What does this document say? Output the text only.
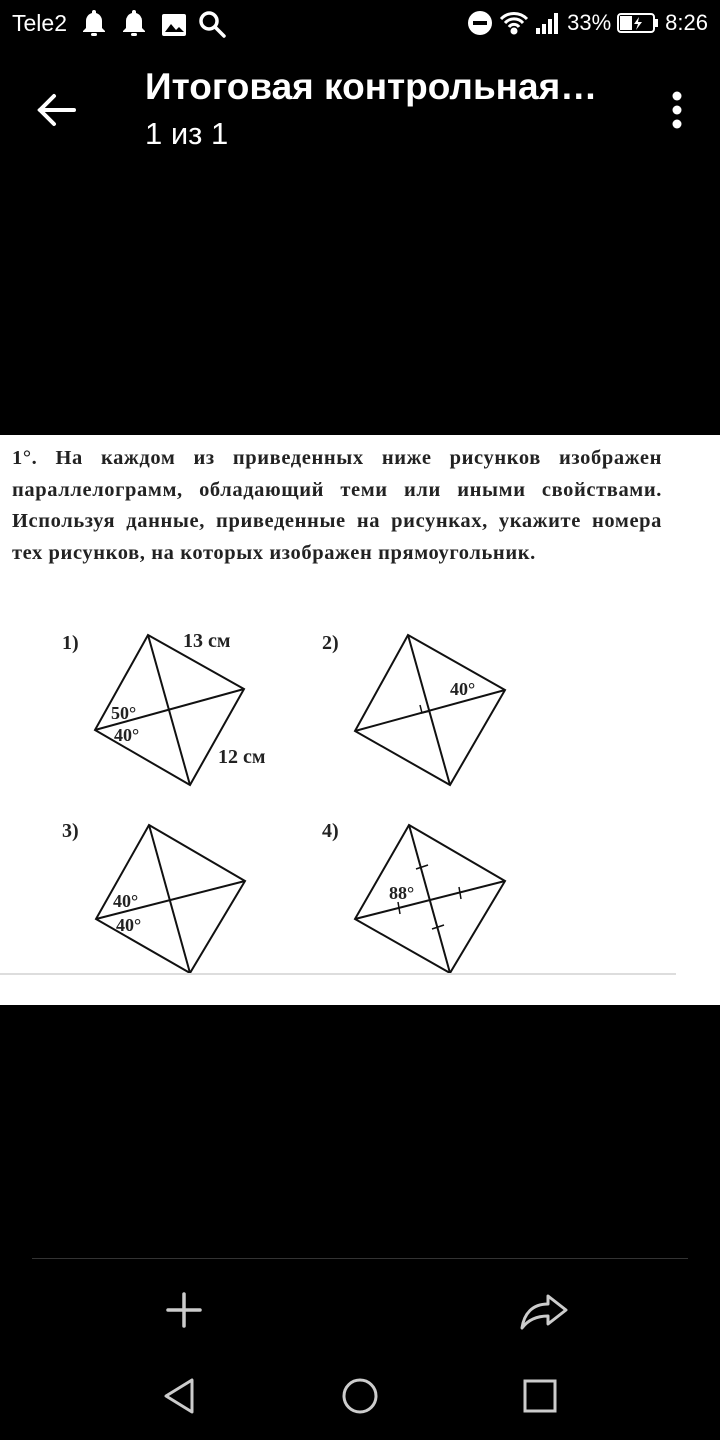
Tele2	33% 8:26
Итоговая контрольная…
1 из 1
1°. На каждом из приведенных ниже рисунков изображен параллелограмм, обладающий теми или иными свойствами. Используя данные, приведенные на рисунках, укажите номера тех рисунков, на которых изображен прямоугольник.
1)	13 см
12 см
50°
40°
2)
40°
3)
40°
40°
4)
88°
